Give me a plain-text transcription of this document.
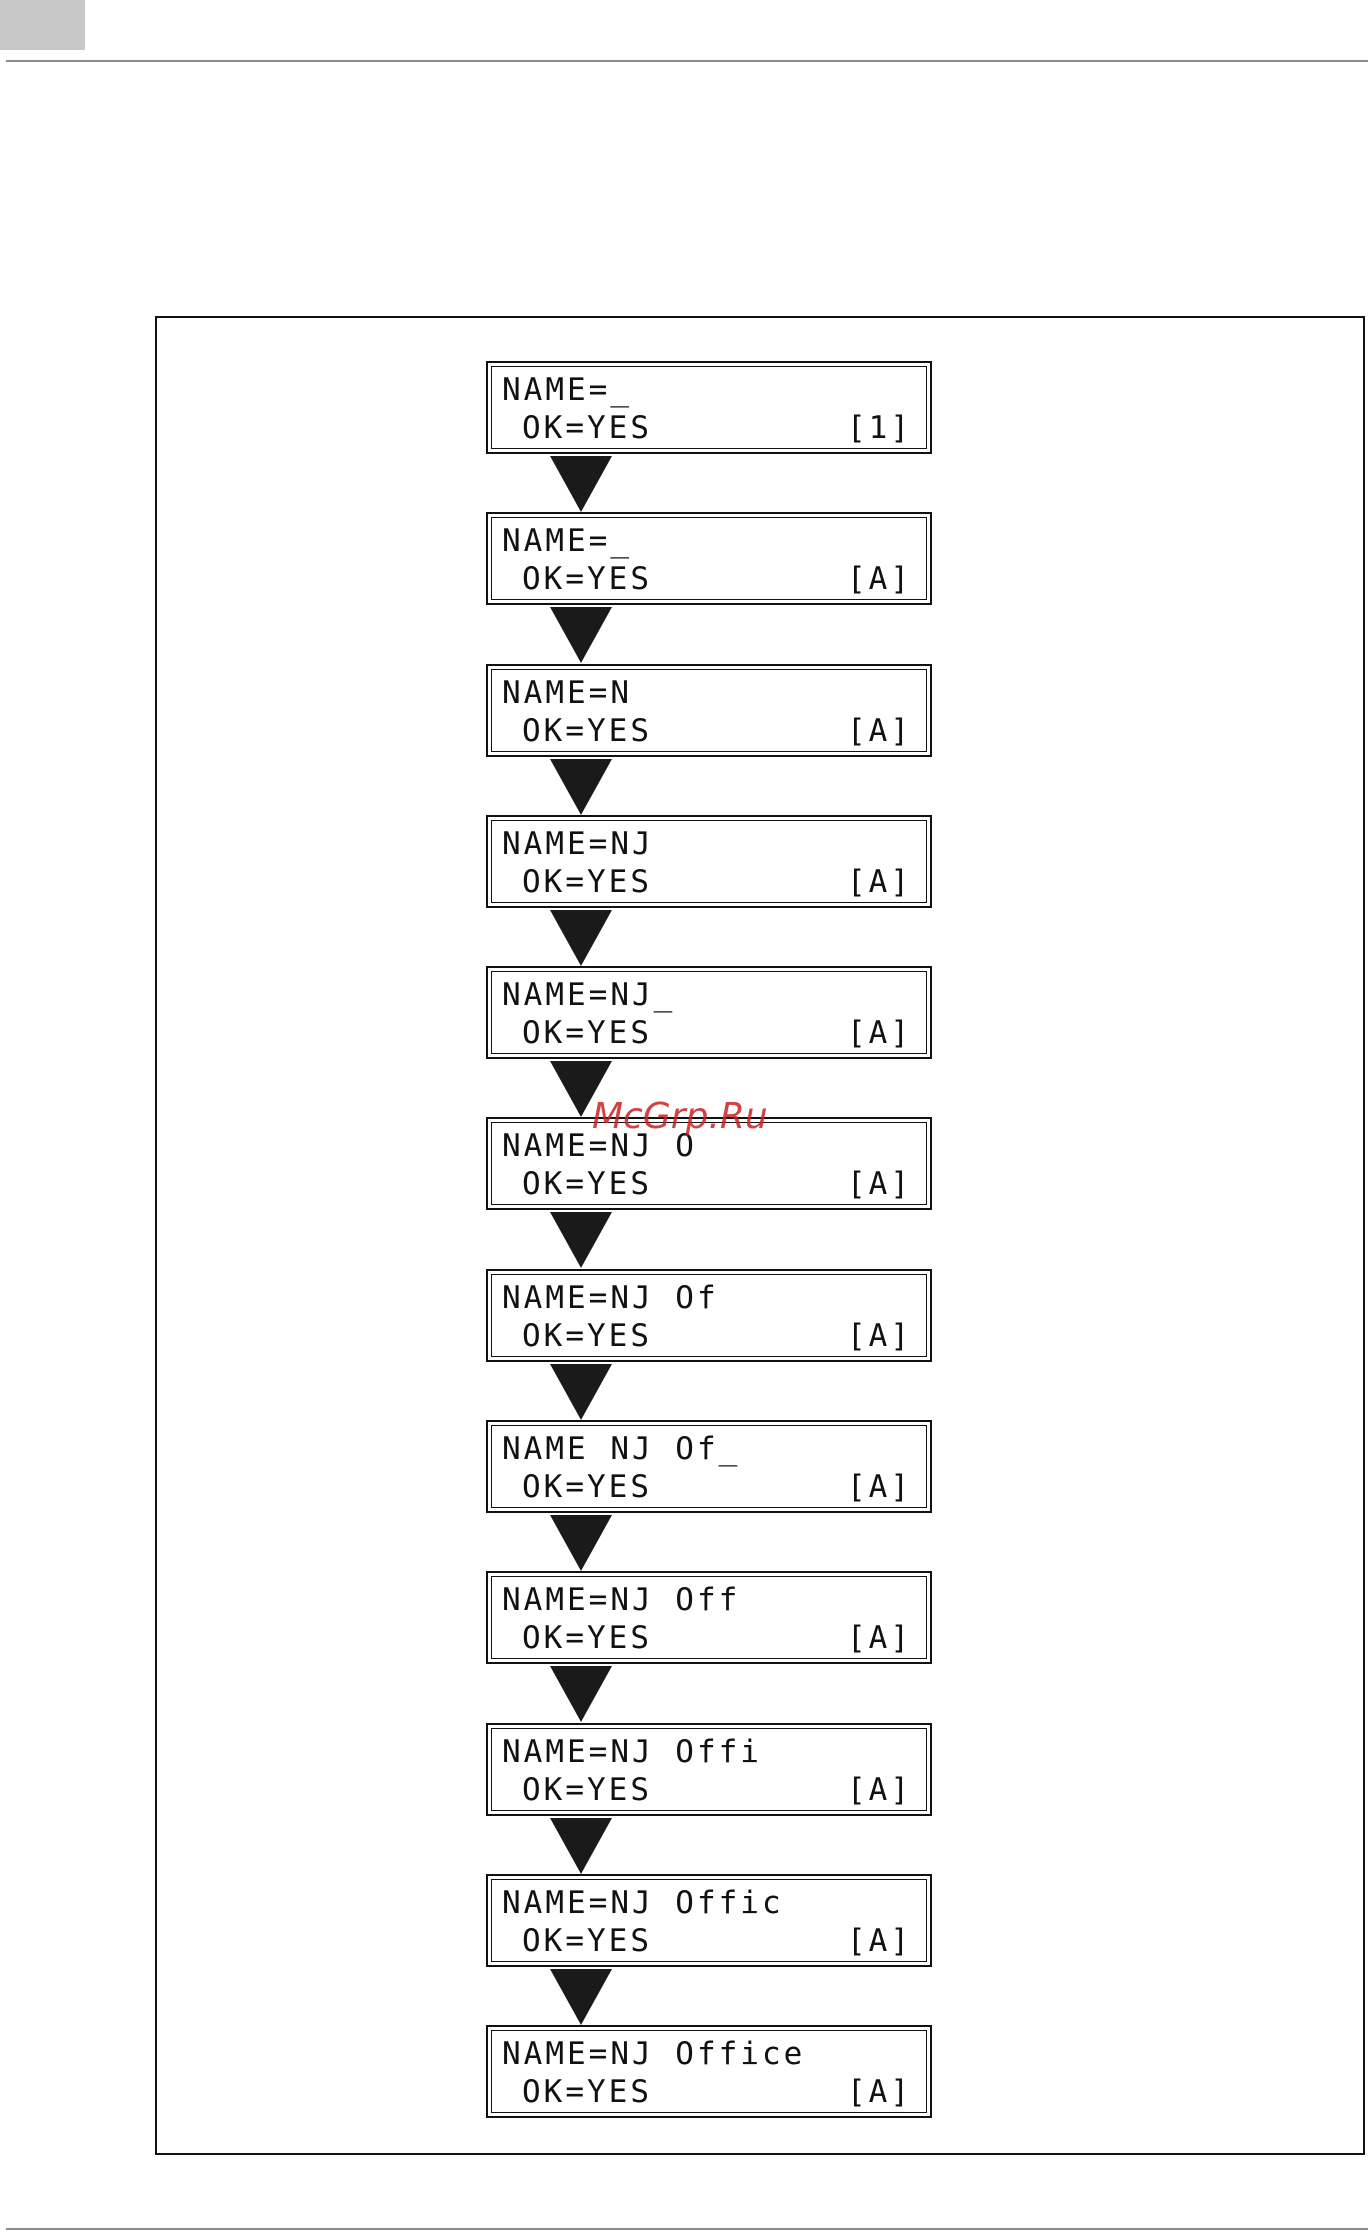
NAME=_
OK=YES	[1]
NAME=_
OK=YES	[A]
NAME=N
OK=YES	[A]
NAME=NJ
OK=YES	[A]
NAME=NJ_
OK=YES	[A]
NAME=NJ O
OK=YES	[A]
NAME=NJ Of
OK=YES	[A]
NAME NJ Of_
OK=YES	[A]
NAME=NJ Off
OK=YES	[A]
NAME=NJ Offi
OK=YES	[A]
NAME=NJ Offic
OK=YES	[A]
NAME=NJ Office
OK=YES	[A]
McGrp.Ru
